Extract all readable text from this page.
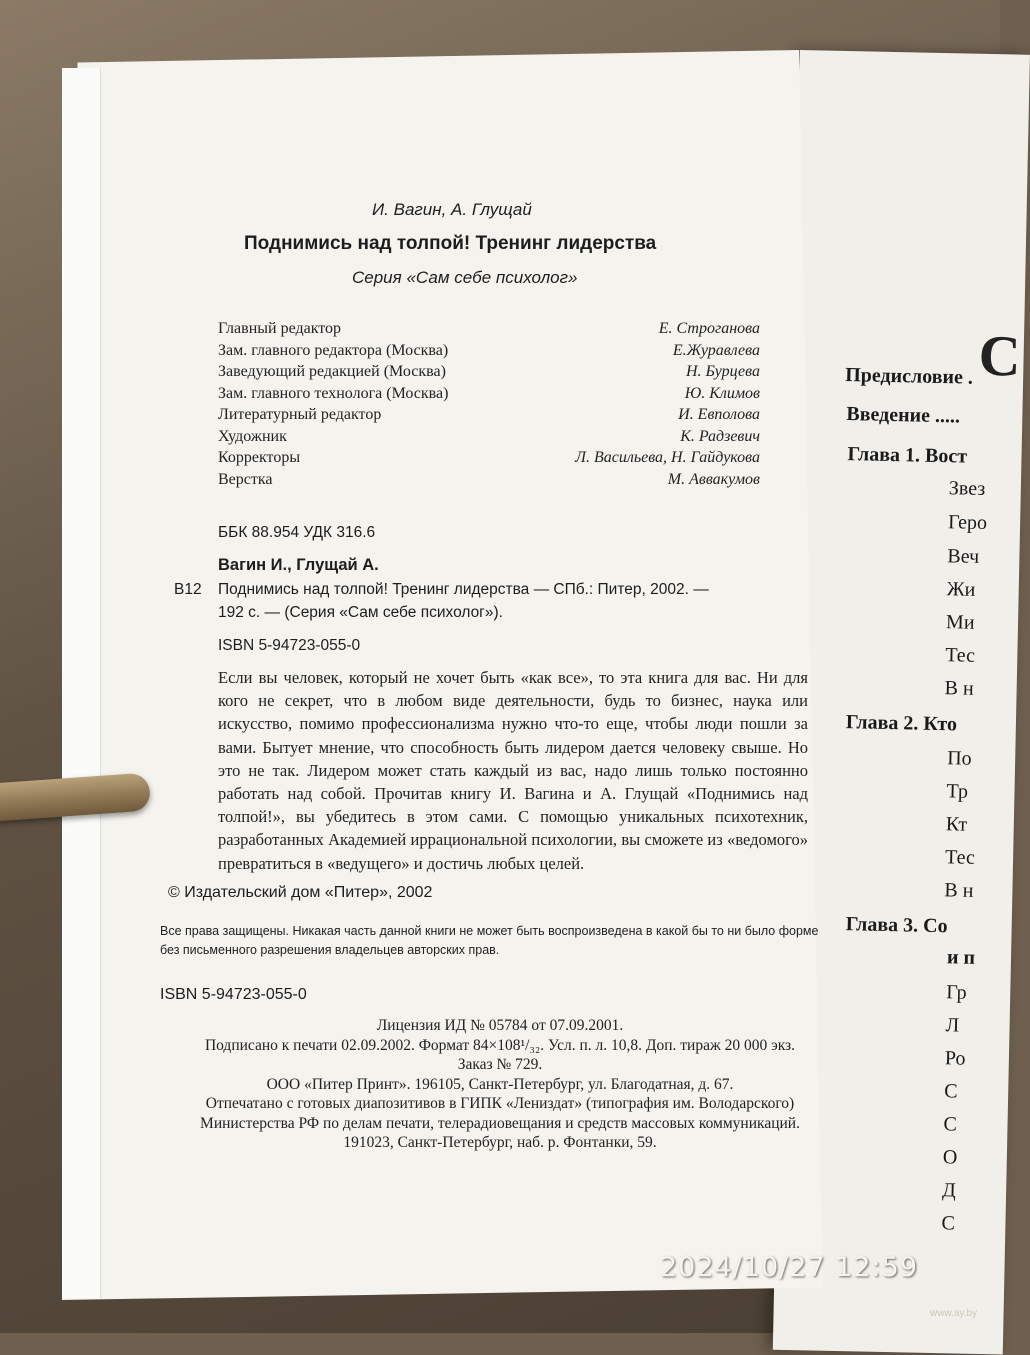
С
Предисловие .
Введение .....
Глава 1. Вост
Звез
Геро
Веч
Жи
Ми
Тес
В н
Глава 2. Кто
По
Тр
Кт
Тес
В н
Глава 3. Со
и п
Гр
Л
Ро
С
С
О
Д
С
И. Вагин, А. Глущай
Поднимись над толпой! Тренинг лидерства
Серия «Сам себе психолог»
Главный редактор	Е. Строганова
Зам. главного редактора (Москва)	Е.Журавлева
Заведующий редакцией (Москва)	Н. Бурцева
Зам. главного технолога (Москва)	Ю. Климов
Литературный редактор	И. Евполова
Художник	К. Радзевич
Корректоры	Л. Васильева, Н. Гайдукова
Верстка	М. Аввакумов
ББК 88.954 УДК 316.6
Вагин И., Глущай А.
В12 Поднимись над толпой! Тренинг лидерства — СПб.: Питер, 2002. —
192 с. — (Серия «Сам себе психолог»).
ISBN 5-94723-055-0
Если вы человек, который не хочет быть «как все», то эта книга для вас. Ни для кого не секрет, что в любом виде деятельности, будь то бизнес, наука или искусство, помимо профессионализма нужно что-то еще, чтобы люди пошли за вами. Бытует мнение, что способность быть лидером дается человеку свыше. Но это не так. Лидером может стать каждый из вас, надо лишь только постоянно работать над собой. Прочитав книгу И. Вагина и А. Глущай «Поднимись над толпой!», вы убедитесь в этом сами. С помощью уникальных психотехник, разработанных Академией иррациональной психологии, вы сможете из «ведомого» превратиться в «ведущего» и достичь любых целей.
© Издательский дом «Питер», 2002
Все права защищены. Никакая часть данной книги не может быть воспроизведена в какой бы то ни было форме без письменного разрешения владельцев авторских прав.
ISBN 5-94723-055-0
Лицензия ИД № 05784 от 07.09.2001.
Подписано к печати 02.09.2002. Формат 84×108¹/₃₂. Усл. п. л. 10,8. Доп. тираж 20 000 экз.
Заказ № 729.
ООО «Питер Принт». 196105, Санкт-Петербург, ул. Благодатная, д. 67.
Отпечатано с готовых диапозитивов в ГИПК «Лениздат» (типография им. Володарского)
Министерства РФ по делам печати, телерадиовещания и средств массовых коммуникаций.
191023, Санкт-Петербург, наб. р. Фонтанки, 59.
2024/10/27 12:59
www.ay.by
